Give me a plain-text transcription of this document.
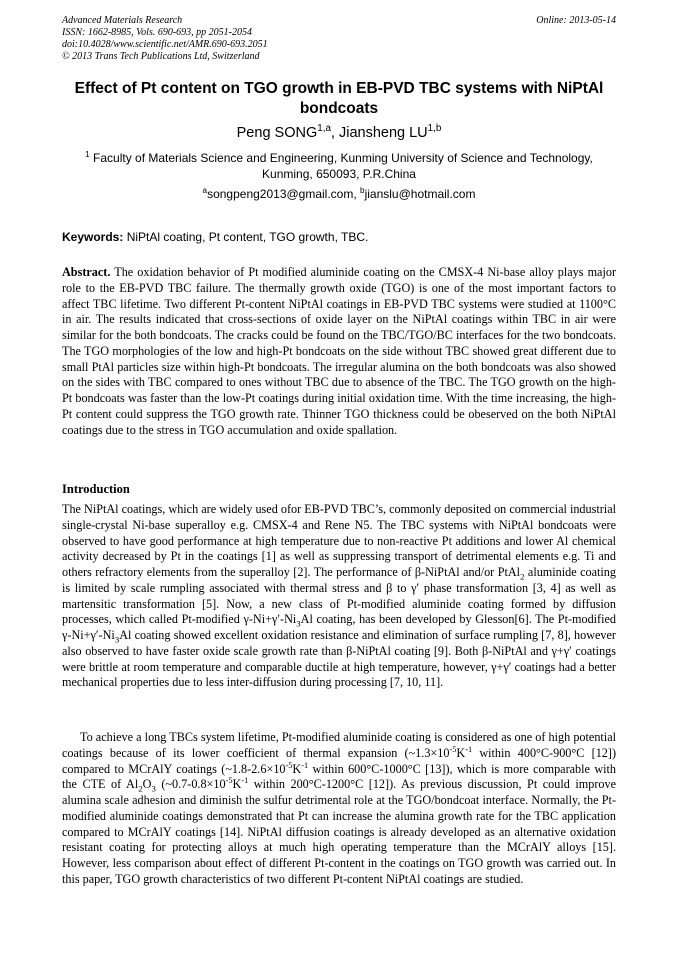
Advanced Materials Research
ISSN: 1662-8985, Vols. 690-693, pp 2051-2054
doi:10.4028/www.scientific.net/AMR.690-693.2051
© 2013 Trans Tech Publications Ltd, Switzerland
Online: 2013-05-14
Effect of Pt content on TGO growth in EB-PVD TBC systems with NiPtAl bondcoats
Peng SONG$^{1,a}$, Jiansheng LU$^{1,b}$
$^1$ Faculty of Materials Science and Engineering, Kunming University of Science and Technology, Kunming, 650093, P.R.China
$^a$songpeng2013@gmail.com, $^b$jianslu@hotmail.com
Keywords: NiPtAl coating, Pt content, TGO growth, TBC.
Abstract. The oxidation behavior of Pt modified aluminide coating on the CMSX-4 Ni-base alloy plays major role to the EB-PVD TBC failure. The thermally growth oxide (TGO) is one of the most important factors to affect TBC lifetime. Two different Pt-content NiPtAl coatings in EB-PVD TBC systems were studied at 1100°C in air. The results indicated that cross-sections of oxide layer on the NiPtAl coatings within TBC in air were similar for the both bondcoats. The cracks could be found on the TBC/TGO/BC interfaces for the two bondcoats. The TGO morphologies of the low and high-Pt bondcoats on the side without TBC showed great different due to small PtAl particles size within high-Pt bondcoats. The irregular alumina on the both bondcoats was also showed on the sides with TBC compared to ones without TBC due to absence of the TBC. The TGO growth on the high-Pt bondcoats was faster than the low-Pt coatings during initial oxidation time. With the time increasing, the high-Pt content could suppress the TGO growth rate. Thinner TGO thickness could be obeserved on the both NiPtAl coatings due to the stress in TGO accumulation and oxide spallation.
Introduction
The NiPtAl coatings, which are widely used ofor EB-PVD TBC’s, commonly deposited on commercial industrial single-crystal Ni-base superalloy e.g. CMSX-4 and Rene N5. The TBC systems with NiPtAl bondcoats were observed to have good performance at high temperature due to non-reactive Pt additions and lower Al chemical activity decreased by Pt in the coatings [1] as well as suppressing transport of detrimental elements e.g. Ti and others refractory elements from the superalloy [2]. The performance of β-NiPtAl and/or PtAl$_2$ aluminide coating is limited by scale rumpling associated with thermal stress and β to γ′ phase transformation [3, 4] as well as martensitic transformation [5]. Now, a new class of Pt-modified aluminide coating formed by diffusion processes, which called Pt-modified $\gamma-Ni+\gamma'-Ni_3Al$ coating, has been developed by Glesson[6]. The Pt-modified $\gamma-Ni+\gamma'-Ni_3Al$ coating showed excellent oxidation resistance and elimination of surface rumpling [7, 8], however also observed to have faster oxide scale growth rate than β-NiPtAl coating [9]. Both β-NiPtAl and γ+γ′ coatings were brittle at room temperature and comparable ductile at high temperature, however, γ+γ′ coatings had a better mechanical properties due to less inter-diffusion during processing [7, 10, 11].
To achieve a long TBCs system lifetime, Pt-modified aluminide coating is considered as one of high potential coatings because of its lower coefficient of thermal expansion ($\sim 1.3\times 10^{-5}K^{-1}$ within 400°C-900°C [12]) compared to MCrAlY coatings ($\sim 1.8-2.6\times 10^{-5}K^{-1}$ within 600°C-1000°C [13]), which is more comparable with the CTE of $Al_2O_3$ ($\sim 0.7-0.8\times 10^{-5}K^{-1}$ within 200°C-1200°C [12]). As previous discussion, Pt could improve alumina scale adhesion and diminish the sulfur detrimental role at the TGO/bondcoat interface. Normally, the Pt-modified aluminide coatings demonstrated that Pt can increase the alumina growth rate for the TBC application compared to MCrAlY coatings [14]. NiPtAl diffusion coatings is already developed as an alternative oxidation resistant coating for protecting alloys at much high operating temperature than the MCrAlY alloys [15]. However, less comparison about effect of different Pt-content in the coatings on TGO growth was carried out. In this paper, TGO growth characteristics of two different Pt-content NiPtAl coatings are studied.
